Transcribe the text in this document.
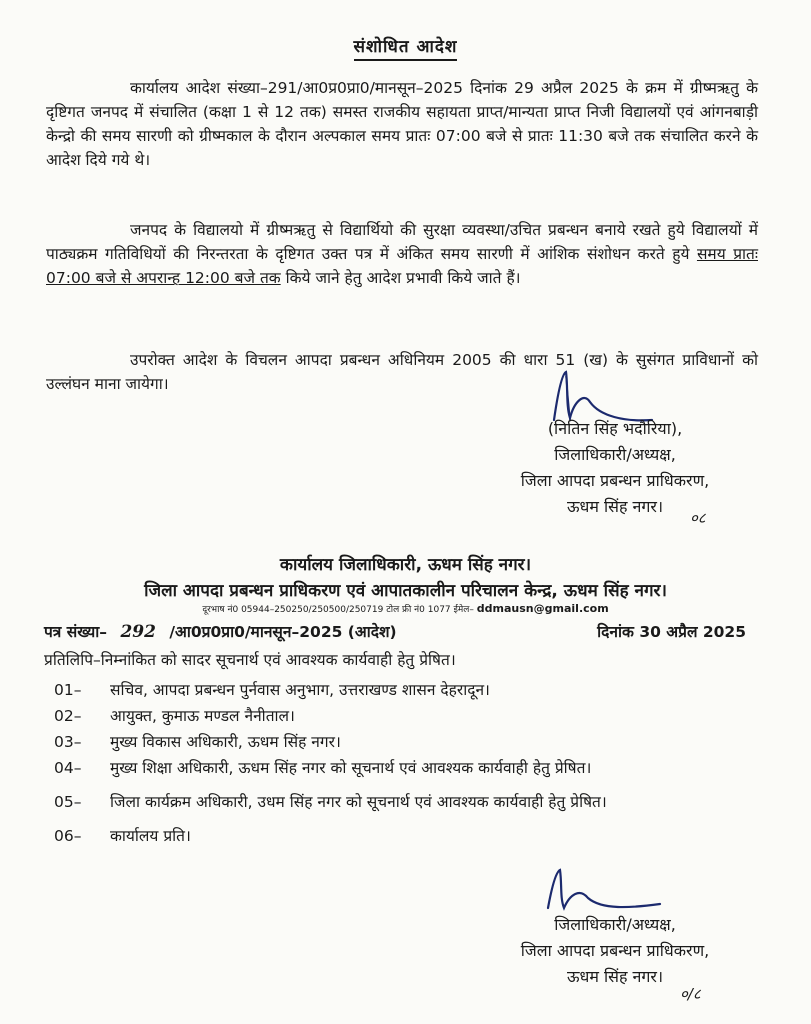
संशोधित आदेश
कार्यालय आदेश संख्या–291/आ0प्र0प्रा0/मानसून–2025 दिनांक 29 अप्रैल 2025 के क्रम में ग्रीष्मऋतु के दृष्टिगत जनपद में संचालित (कक्षा 1 से 12 तक) समस्त राजकीय सहायता प्राप्त/मान्यता प्राप्त निजी विद्यालयों एवं आंगनबाड़ी केन्द्रो की समय सारणी को ग्रीष्मकाल के दौरान अल्पकाल समय प्रातः 07:00 बजे से प्रातः 11:30 बजे तक संचालित करने के आदेश दिये गये थे।
जनपद के विद्यालयो में ग्रीष्मऋतु से विद्यार्थियो की सुरक्षा व्यवस्था/उचित प्रबन्धन बनाये रखते हुये विद्यालयों में पाठ्यक्रम गतिविधियों की निरन्तरता के दृष्टिगत उक्त पत्र में अंकित समय सारणी में आंशिक संशोधन करते हुये समय प्रातः 07:00 बजे से अपरान्ह 12:00 बजे तक किये जाने हेतु आदेश प्रभावी किये जाते हैं।
उपरोक्त आदेश के विचलन आपदा प्रबन्धन अधिनियम 2005 की धारा 51 (ख) के सुसंगत प्राविधानों को उल्लंघन माना जायेगा।
(नितिन सिंह भदौरिया),
जिलाधिकारी/अध्यक्ष,
जिला आपदा प्रबन्धन प्राधिकरण,
ऊधम सिंह नगर।
०८
कार्यालय जिलाधिकारी, ऊधम सिंह नगर।
जिला आपदा प्रबन्धन प्राधिकरण एवं आपातकालीन परिचालन केन्द्र, ऊधम सिंह नगर।
दूरभाष नं0 05944–250250/250500/250719 टोल फ्री नं0 1077 ईमेल– ddmausn@gmail.com
पत्र संख्या– 292 /आ0प्र0प्रा0/मानसून–2025 (आदेश)	दिनांक 30 अप्रैल 2025
प्रतिलिपि–निम्नांकित को सादर सूचनार्थ एवं आवश्यक कार्यवाही हेतु प्रेषित।
01–	सचिव, आपदा प्रबन्धन पुर्नवास अनुभाग, उत्तराखण्ड शासन देहरादून।
02–	आयुक्त, कुमाऊ मण्डल नैनीताल।
03–	मुख्य विकास अधिकारी, ऊधम सिंह नगर।
04–	मुख्य शिक्षा अधिकारी, ऊधम सिंह नगर को सूचनार्थ एवं आवश्यक कार्यवाही हेतु प्रेषित।
05–	जिला कार्यक्रम अधिकारी, उधम सिंह नगर को सूचनार्थ एवं आवश्यक कार्यवाही हेतु प्रेषित।
06–	कार्यालय प्रति।
जिलाधिकारी/अध्यक्ष,
जिला आपदा प्रबन्धन प्राधिकरण,
ऊधम सिंह नगर।
०/८
